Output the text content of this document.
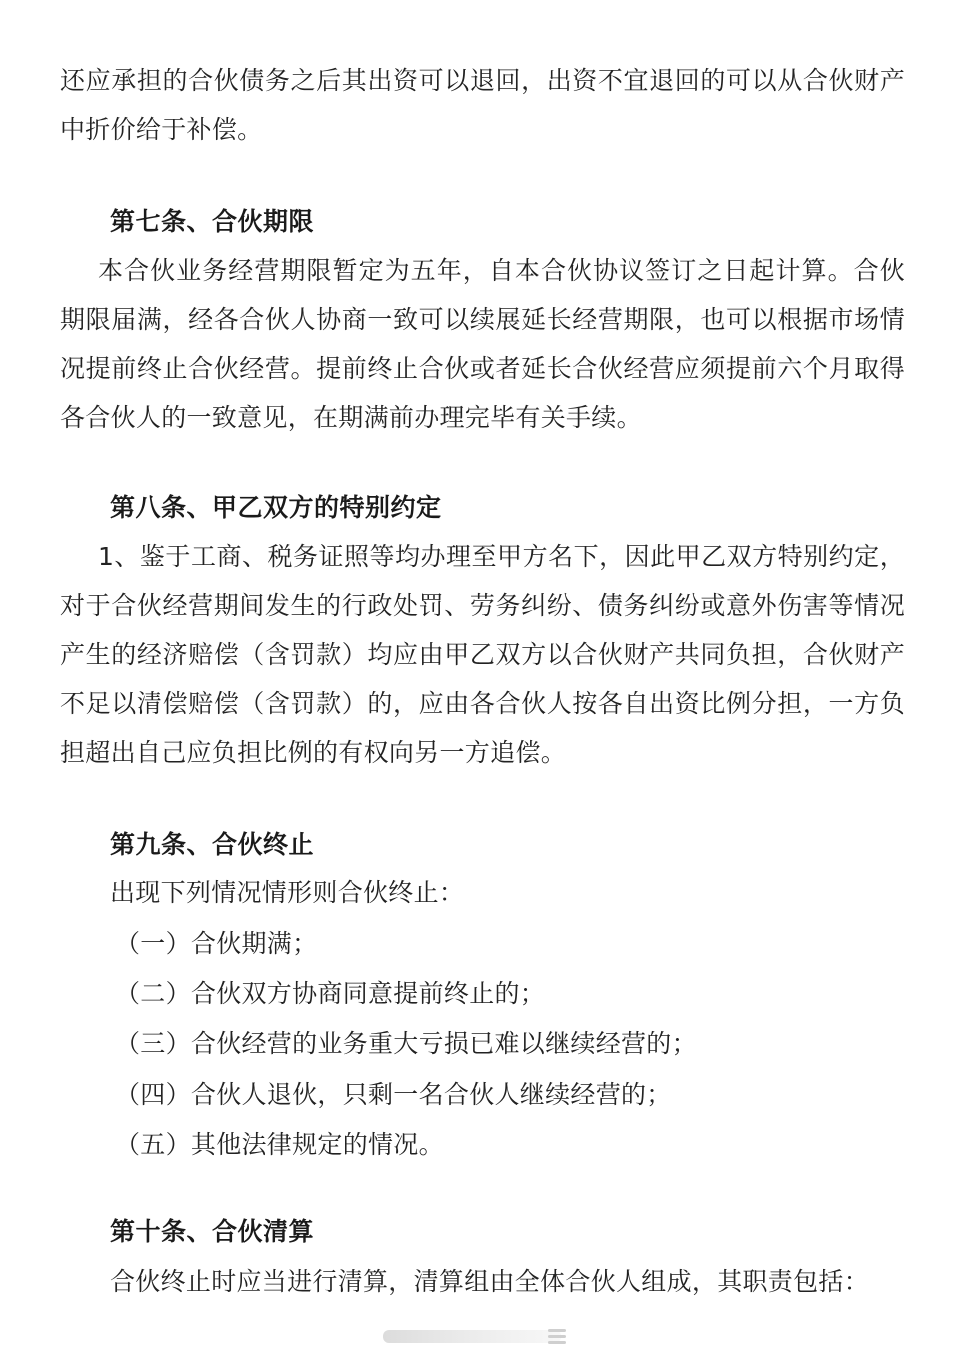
还应承担的合伙债务之后其出资可以退回，出资不宜退回的可以从合伙财产中折价给于补偿。

第七条、合伙期限

本合伙业务经营期限暂定为五年，自本合伙协议签订之日起计算。合伙期限届满，经各合伙人协商一致可以续展延长经营期限，也可以根据市场情况提前终止合伙经营。提前终止合伙或者延长合伙经营应须提前六个月取得各合伙人的一致意见，在期满前办理完毕有关手续。

第八条、甲乙双方的特别约定

1、鉴于工商、税务证照等均办理至甲方名下，因此甲乙双方特别约定，对于合伙经营期间发生的行政处罚、劳务纠纷、债务纠纷或意外伤害等情况产生的经济赔偿（含罚款）均应由甲乙双方以合伙财产共同负担，合伙财产不足以清偿赔偿（含罚款）的，应由各合伙人按各自出资比例分担，一方负担超出自己应负担比例的有权向另一方追偿。

第九条、合伙终止

出现下列情况情形则合伙终止：

（一）合伙期满；

（二）合伙双方协商同意提前终止的；

（三）合伙经营的业务重大亏损已难以继续经营的；

（四）合伙人退伙，只剩一名合伙人继续经营的；

（五）其他法律规定的情况。

第十条、合伙清算

合伙终止时应当进行清算，清算组由全体合伙人组成，其职责包括：
